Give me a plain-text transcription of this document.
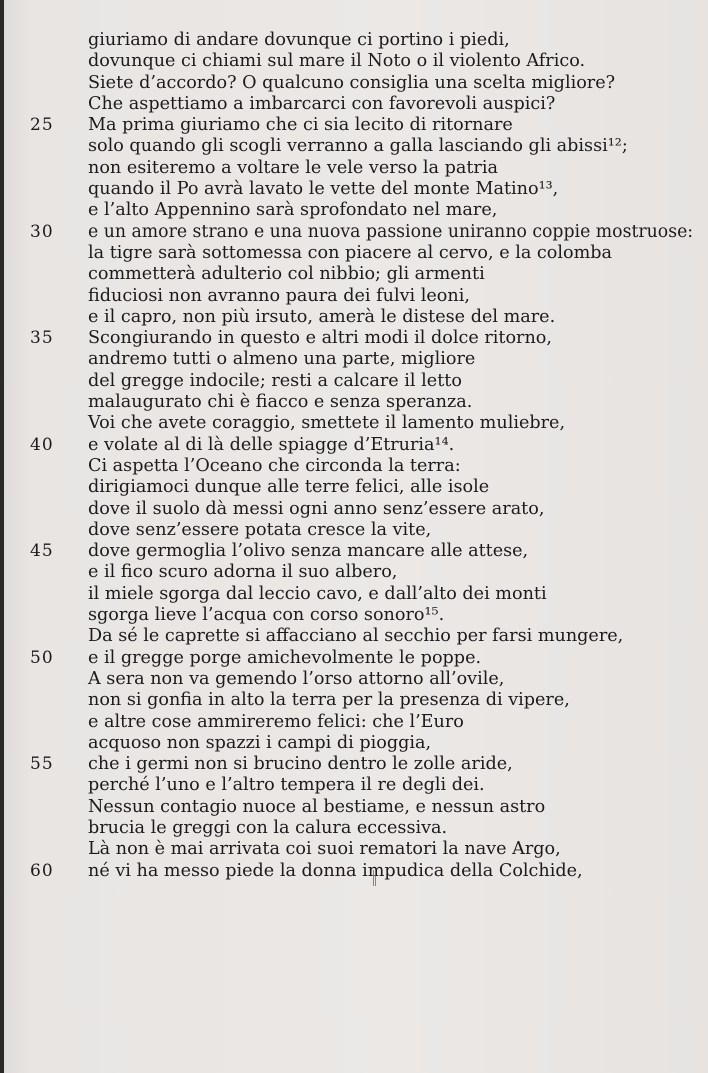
giuriamo di andare dovunque ci portino i piedi,
dovunque ci chiami sul mare il Noto o il violento Africo.
Siete d’accordo? O qualcuno consiglia una scelta migliore?
Che aspettiamo a imbarcarci con favorevoli auspici?
25 Ma prima giuriamo che ci sia lecito di ritornare
solo quando gli scogli verranno a galla lasciando gli abissi¹²;
non esiteremo a voltare le vele verso la patria
quando il Po avrà lavato le vette del monte Matino¹³,
e l’alto Appennino sarà sprofondato nel mare,
30 e un amore strano e una nuova passione uniranno coppie mostruose:
la tigre sarà sottomessa con piacere al cervo, e la colomba
commetterà adulterio col nibbio; gli armenti
fiduciosi non avranno paura dei fulvi leoni,
e il capro, non più irsuto, amerà le distese del mare.
35 Scongiurando in questo e altri modi il dolce ritorno,
andremo tutti o almeno una parte, migliore
del gregge indocile; resti a calcare il letto
malaugurato chi è fiacco e senza speranza.
Voi che avete coraggio, smettete il lamento muliebre,
40 e volate al di là delle spiagge d’Etruria¹⁴.
Ci aspetta l’Oceano che circonda la terra:
dirigiamoci dunque alle terre felici, alle isole
dove il suolo dà messi ogni anno senz’essere arato,
dove senz’essere potata cresce la vite,
45 dove germoglia l’olivo senza mancare alle attese,
e il fico scuro adorna il suo albero,
il miele sgorga dal leccio cavo, e dall’alto dei monti
sgorga lieve l’acqua con corso sonoro¹⁵.
Da sé le caprette si affacciano al secchio per farsi mungere,
50 e il gregge porge amichevolmente le poppe.
A sera non va gemendo l’orso attorno all’ovile,
non si gonfia in alto la terra per la presenza di vipere,
e altre cose ammireremo felici: che l’Euro
acquoso non spazzi i campi di pioggia,
55 che i germi non si brucino dentro le zolle aride,
perché l’uno e l’altro tempera il re degli dei.
Nessun contagio nuoce al bestiame, e nessun astro
brucia le greggi con la calura eccessiva.
Là non è mai arrivata coi suoi rematori la nave Argo,
60 né vi ha messo piede la donna impudica della Colchide,
